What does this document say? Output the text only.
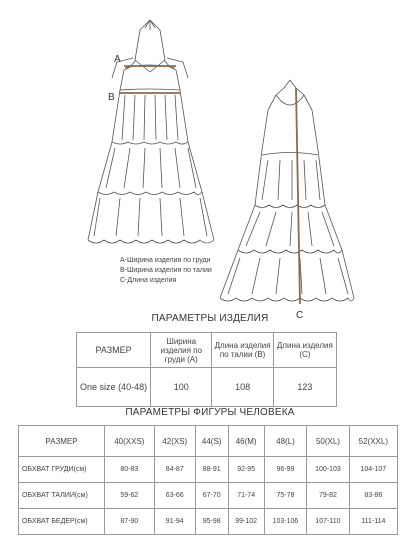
A
B
C
A-Ширина изделия по груди
B-Ширина изделия по талии
C-Длина изделия
ПАРАМЕТРЫ ИЗДЕЛИЯ
РАЗМЕР	Ширина изделия по груди (А)	Длина изделия по талии (В)	Длина изделия (С)
One size (40-48)	100	108	123
ПАРАМЕТРЫ ФИГУРЫ ЧЕЛОВЕКА
РАЗМЕР	40(XXS)	42(XS)	44(S)	46(M)	48(L)	50(XL)	52(XXL)
ОБХВАТ ГРУДИ(см)	80-83	84-87	88-91	92-95	96-99	100-103	104-107
ОБХВАТ ТАЛИИ(см)	59-62	63-66	67-70	71-74	75-78	79-82	83-86
ОБХВАТ БЕДЕР(см)	87-90	91-94	95-98	99-102	103-106	107-110	111-114
